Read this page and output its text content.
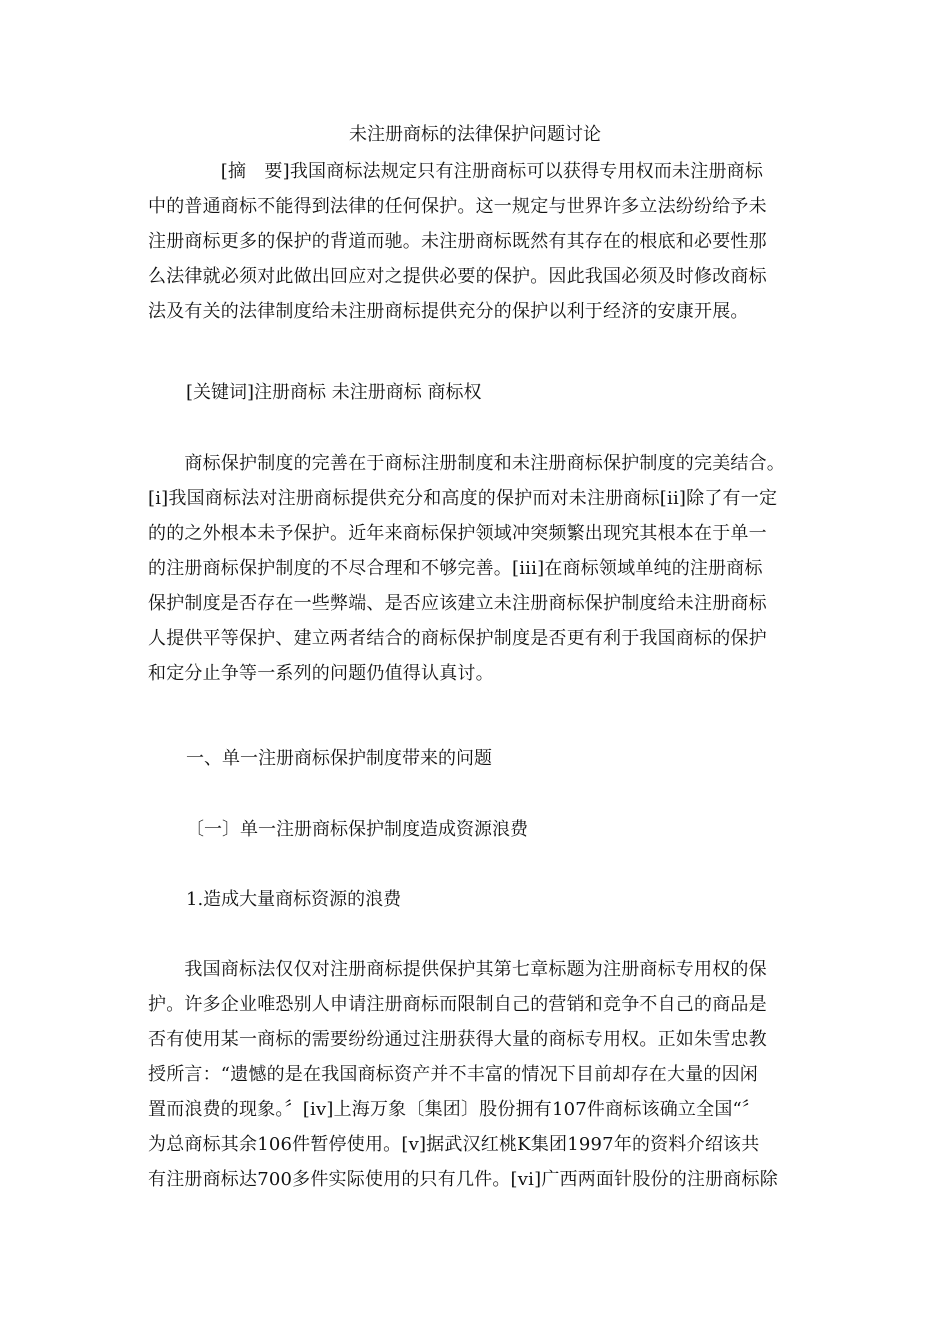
未注册商标的法律保护问题讨论
　　　　[摘　要]我国商标法规定只有注册商标可以获得专用权而未注册商标
中的普通商标不能得到法律的任何保护。这一规定与世界许多立法纷纷给予未
注册商标更多的保护的背道而驰。未注册商标既然有其存在的根底和必要性那
么法律就必须对此做出回应对之提供必要的保护。因此我国必须及时修改商标
法及有关的法律制度给未注册商标提供充分的保护以利于经济的安康开展。

[关键词]注册商标 未注册商标 商标权

　　商标保护制度的完善在于商标注册制度和未注册商标保护制度的完美结合。
[i]我国商标法对注册商标提供充分和高度的保护而对未注册商标[ii]除了有一定
的的之外根本未予保护。近年来商标保护领域冲突频繁出现究其根本在于单一
的注册商标保护制度的不尽合理和不够完善。[iii]在商标领域单纯的注册商标
保护制度是否存在一些弊端、是否应该建立未注册商标保护制度给未注册商标
人提供平等保护、建立两者结合的商标保护制度是否更有利于我国商标的保护
和定分止争等一系列的问题仍值得认真讨。

一、单一注册商标保护制度带来的问题

〔一〕单一注册商标保护制度造成资源浪费

1.造成大量商标资源的浪费

　　我国商标法仅仅对注册商标提供保护其第七章标题为注册商标专用权的保
护。许多企业唯恐别人申请注册商标而限制自己的营销和竞争不自己的商品是
否有使用某一商标的需要纷纷通过注册获得大量的商标专用权。正如朱雪忠教
授所言：“遗憾的是在我国商标资产并不丰富的情况下目前却存在大量的因闲
置而浪费的现象。〞[iv]上海万象〔集团〕股份拥有107件商标该确立全国“〞
为总商标其余106件暂停使用。[v]据武汉红桃K集团1997年的资料介绍该共
有注册商标达700多件实际使用的只有几件。[vi]广西两面针股份的注册商标除
